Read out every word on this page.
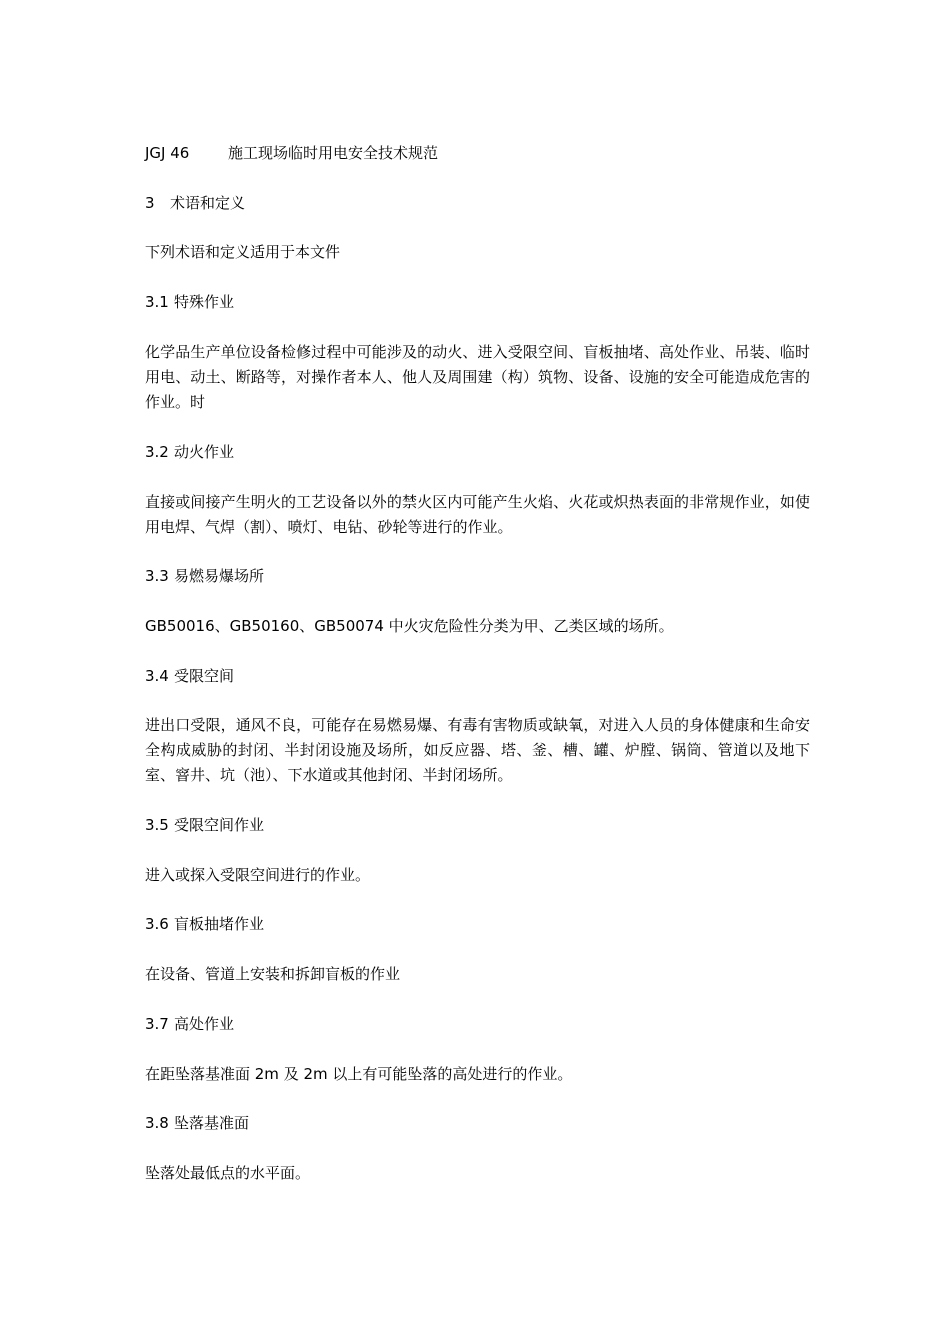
JGJ 46	施工现场临时用电安全技术规范
3 术语和定义
下列术语和定义适用于本文件
3.1 特殊作业
化学品生产单位设备检修过程中可能涉及的动火、进入受限空间、盲板抽堵、高处作业、吊装、临时用电、动土、断路等，对操作者本人、他人及周围建（构）筑物、设备、设施的安全可能造成危害的作业。时
3.2 动火作业
直接或间接产生明火的工艺设备以外的禁火区内可能产生火焰、火花或炽热表面的非常规作业，如使用电焊、气焊（割）、喷灯、电钻、砂轮等进行的作业。
3.3 易燃易爆场所
GB50016、GB50160、GB50074 中火灾危险性分类为甲、乙类区域的场所。
3.4 受限空间
进出口受限，通风不良，可能存在易燃易爆、有毒有害物质或缺氧，对进入人员的身体健康和生命安全构成威胁的封闭、半封闭设施及场所，如反应器、塔、釜、槽、罐、炉膛、锅筒、管道以及地下室、窨井、坑（池）、下水道或其他封闭、半封闭场所。
3.5 受限空间作业
进入或探入受限空间进行的作业。
3.6 盲板抽堵作业
在设备、管道上安装和拆卸盲板的作业
3.7 高处作业
在距坠落基准面 2m 及 2m 以上有可能坠落的高处进行的作业。
3.8 坠落基准面
坠落处最低点的水平面。
